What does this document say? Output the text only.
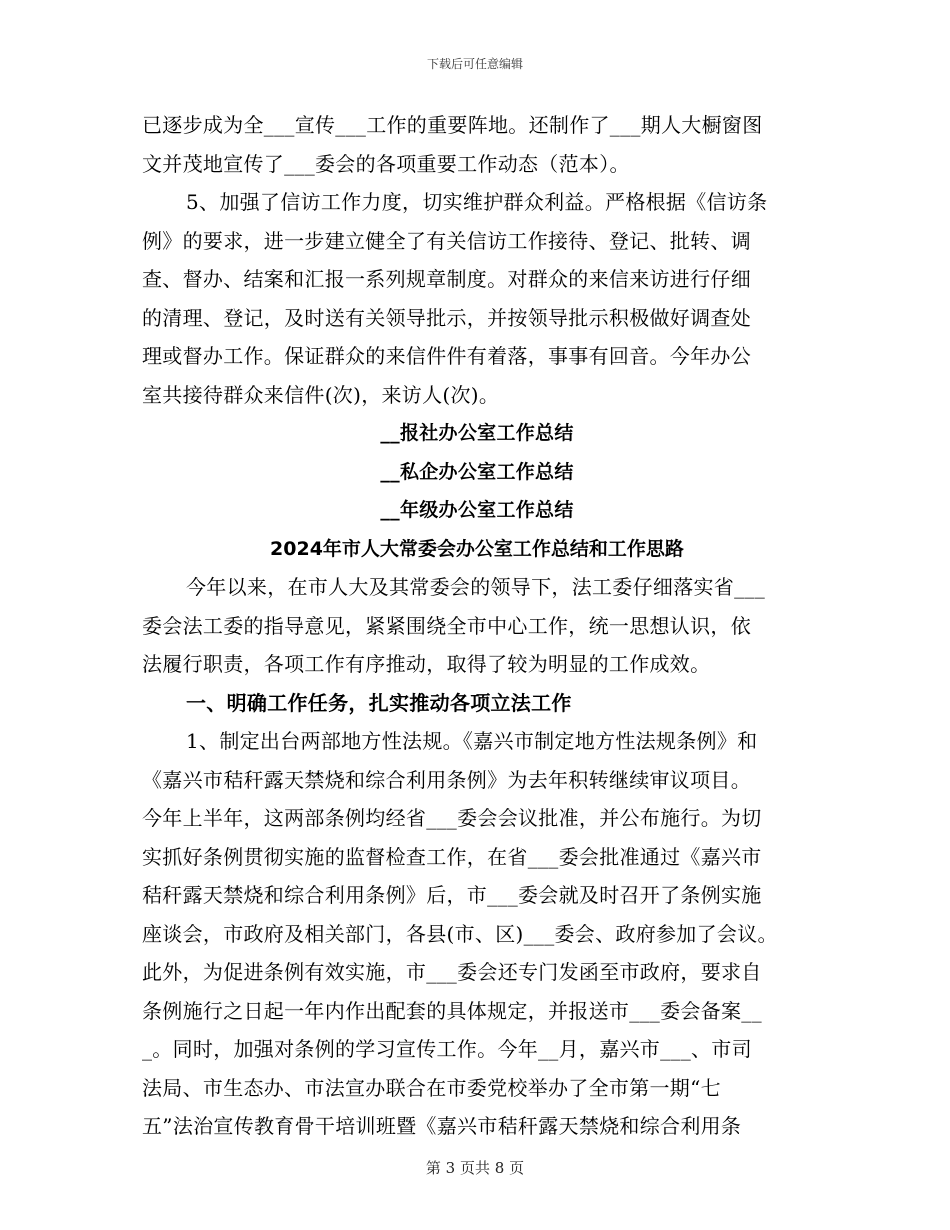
下载后可任意编辑
已逐步成为全___宣传___工作的重要阵地。还制作了___期人大橱窗图
文并茂地宣传了___委会的各项重要工作动态（范本）。
5、加强了信访工作力度，切实维护群众利益。严格根据《信访条
例》的要求，进一步建立健全了有关信访工作接待、登记、批转、调
查、督办、结案和汇报一系列规章制度。对群众的来信来访进行仔细
的清理、登记，及时送有关领导批示，并按领导批示积极做好调查处
理或督办工作。保证群众的来信件件有着落，事事有回音。今年办公
室共接待群众来信件(次)，来访人(次)。
__报社办公室工作总结
__私企办公室工作总结
__年级办公室工作总结
2024年市人大常委会办公室工作总结和工作思路
今年以来，在市人大及其常委会的领导下，法工委仔细落实省___
委会法工委的指导意见，紧紧围绕全市中心工作，统一思想认识，依
法履行职责，各项工作有序推动，取得了较为明显的工作成效。
一、明确工作任务，扎实推动各项立法工作
1、制定出台两部地方性法规。《嘉兴市制定地方性法规条例》和
《嘉兴市秸秆露天禁烧和综合利用条例》为去年积转继续审议项目。
今年上半年，这两部条例均经省___委会会议批准，并公布施行。为切
实抓好条例贯彻实施的监督检查工作，在省___委会批准通过《嘉兴市
秸秆露天禁烧和综合利用条例》后，市___委会就及时召开了条例实施
座谈会，市政府及相关部门，各县(市、区)___委会、政府参加了会议。
此外，为促进条例有效实施，市___委会还专门发函至市政府，要求自
条例施行之日起一年内作出配套的具体规定，并报送市___委会备案__
_。同时，加强对条例的学习宣传工作。今年__月，嘉兴市___、市司
法局、市生态办、市法宣办联合在市委党校举办了全市第一期“七
五”法治宣传教育骨干培训班暨《嘉兴市秸秆露天禁烧和综合利用条
第 3 页共 8 页
